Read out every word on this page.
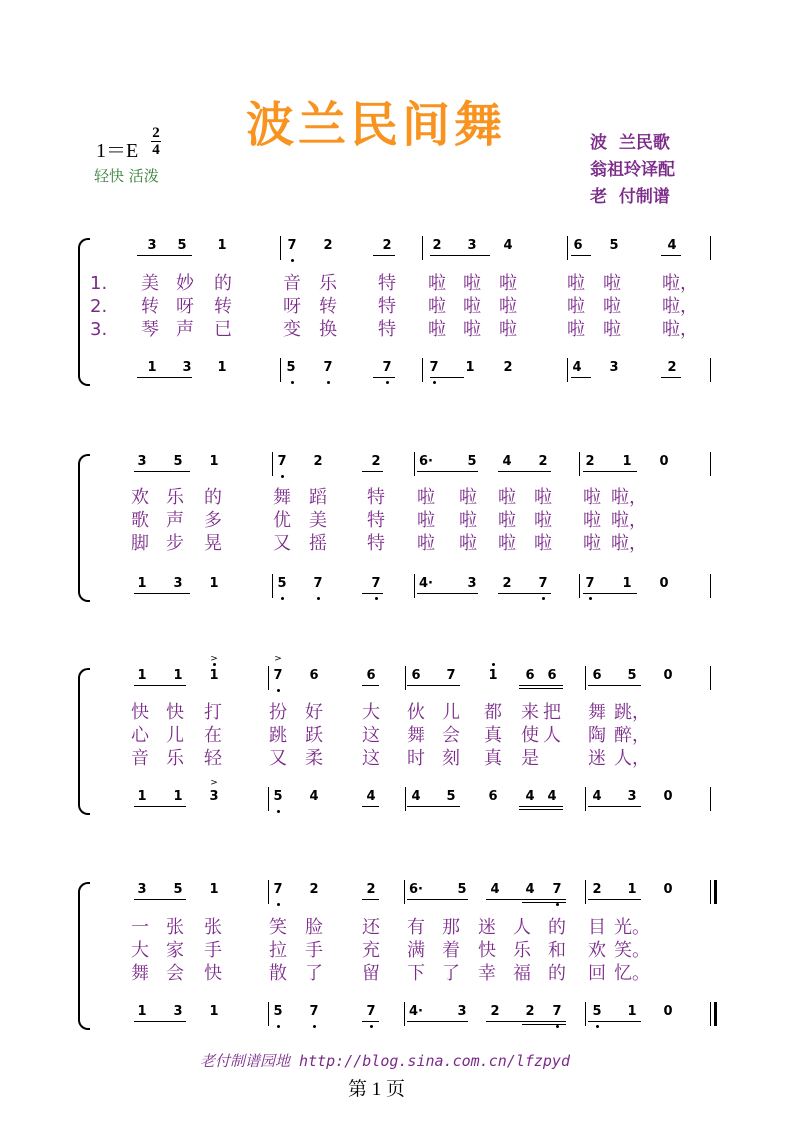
波兰民间舞
1＝E
2
4
轻快 活泼
波  兰民歌
翁祖玲译配
老  付制谱
3 5 1	7 2	2	2 3 4	6 5	4
1 3 1	5 7	7	7 1 2	4 3	2
1. 美 妙 的	音 乐 特 啦 啦 啦	啦 啦 啦，
2. 转 呀 转	呀 转 特 啦 啦 啦	啦 啦 啦，
3. 琴 声 已	变 换 特 啦 啦 啦	啦 啦 啦，
3 5 1	7 2	2	6·	5 4 2	2 1 0
1 3 1	5 7	7	4·	3 2 7	7 1 0
欢 乐 的	舞 蹈 特 啦 啦 啦 啦 啦 啦，
歌 声 多	优 美 特 啦 啦 啦 啦 啦 啦，
脚 步 晃	又 摇 特 啦 啦 啦 啦 啦 啦，
1 1 1	7 6	6	6 7	1 6 6	6 5 0
1 1 3	5 4	4	4 5	6 4 4	4 3 0
>	>
>
快 快 打	扮 好 大 伙 儿 都 来 把 舞 跳，
心 儿 在	跳 跃 这 舞 会 真 使 人 陶 醉，
音 乐 轻	又 柔 这 时 刻 真 是	迷 人，
3 5 1	7 2	2	6·	5 4 4 7 2 1 0
1 3 1	5 7	7	4·	3 2 2 7 5 1 0
一 张 张	笑 脸 还 有 那 迷 人 的 目 光。
大 家 手	拉 手 充 满 着 快 乐 和 欢 笑。
舞 会 快	散 了 留 下 了 幸 福 的 回 忆。
老付制谱园地 http://blog.sina.com.cn/lfzpyd
第 1 页
